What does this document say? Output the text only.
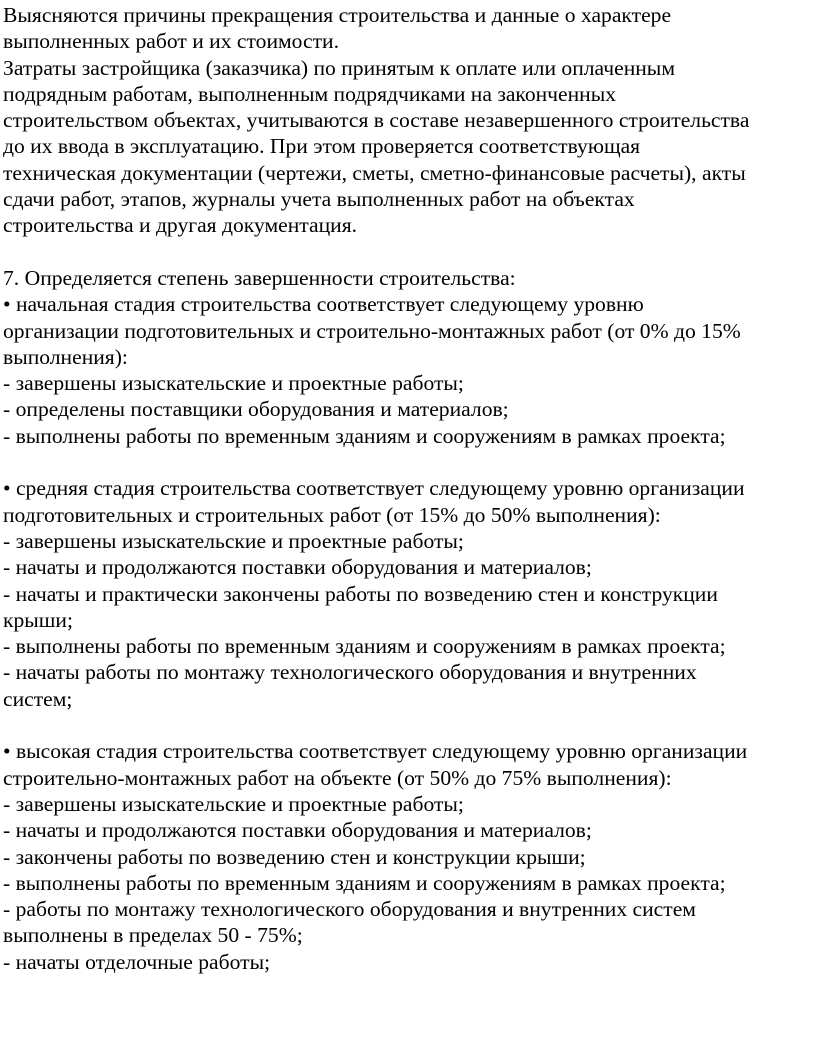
Выясняются причины прекращения строительства и данные о характере
выполненных работ и их стоимости.
Затраты застройщика (заказчика) по принятым к оплате или оплаченным
подрядным работам, выполненным подрядчиками на законченных
строительством объектах, учитываются в составе незавершенного строительства
до их ввода в эксплуатацию. При этом проверяется соответствующая
техническая документации (чертежи, сметы, сметно-финансовые расчеты), акты
сдачи работ, этапов, журналы учета выполненных работ на объектах
строительства и другая документация.
7. Определяется степень завершенности строительства:
• начальная стадия строительства соответствует следующему уровню
организации подготовительных и строительно-монтажных работ (от 0% до 15%
выполнения):
- завершены изыскательские и проектные работы;
- определены поставщики оборудования и материалов;
- выполнены работы по временным зданиям и сооружениям в рамках проекта;
• средняя стадия строительства соответствует следующему уровню организации
подготовительных и строительных работ (от 15% до 50% выполнения):
- завершены изыскательские и проектные работы;
- начаты и продолжаются поставки оборудования и материалов;
- начаты и практически закончены работы по возведению стен и конструкции
крыши;
- выполнены работы по временным зданиям и сооружениям в рамках проекта;
- начаты работы по монтажу технологического оборудования и внутренних
систем;
• высокая стадия строительства соответствует следующему уровню организации
строительно-монтажных работ на объекте (от 50% до 75% выполнения):
- завершены изыскательские и проектные работы;
- начаты и продолжаются поставки оборудования и материалов;
- закончены работы по возведению стен и конструкции крыши;
- выполнены работы по временным зданиям и сооружениям в рамках проекта;
- работы по монтажу технологического оборудования и внутренних систем
выполнены в пределах 50 - 75%;
- начаты отделочные работы;
